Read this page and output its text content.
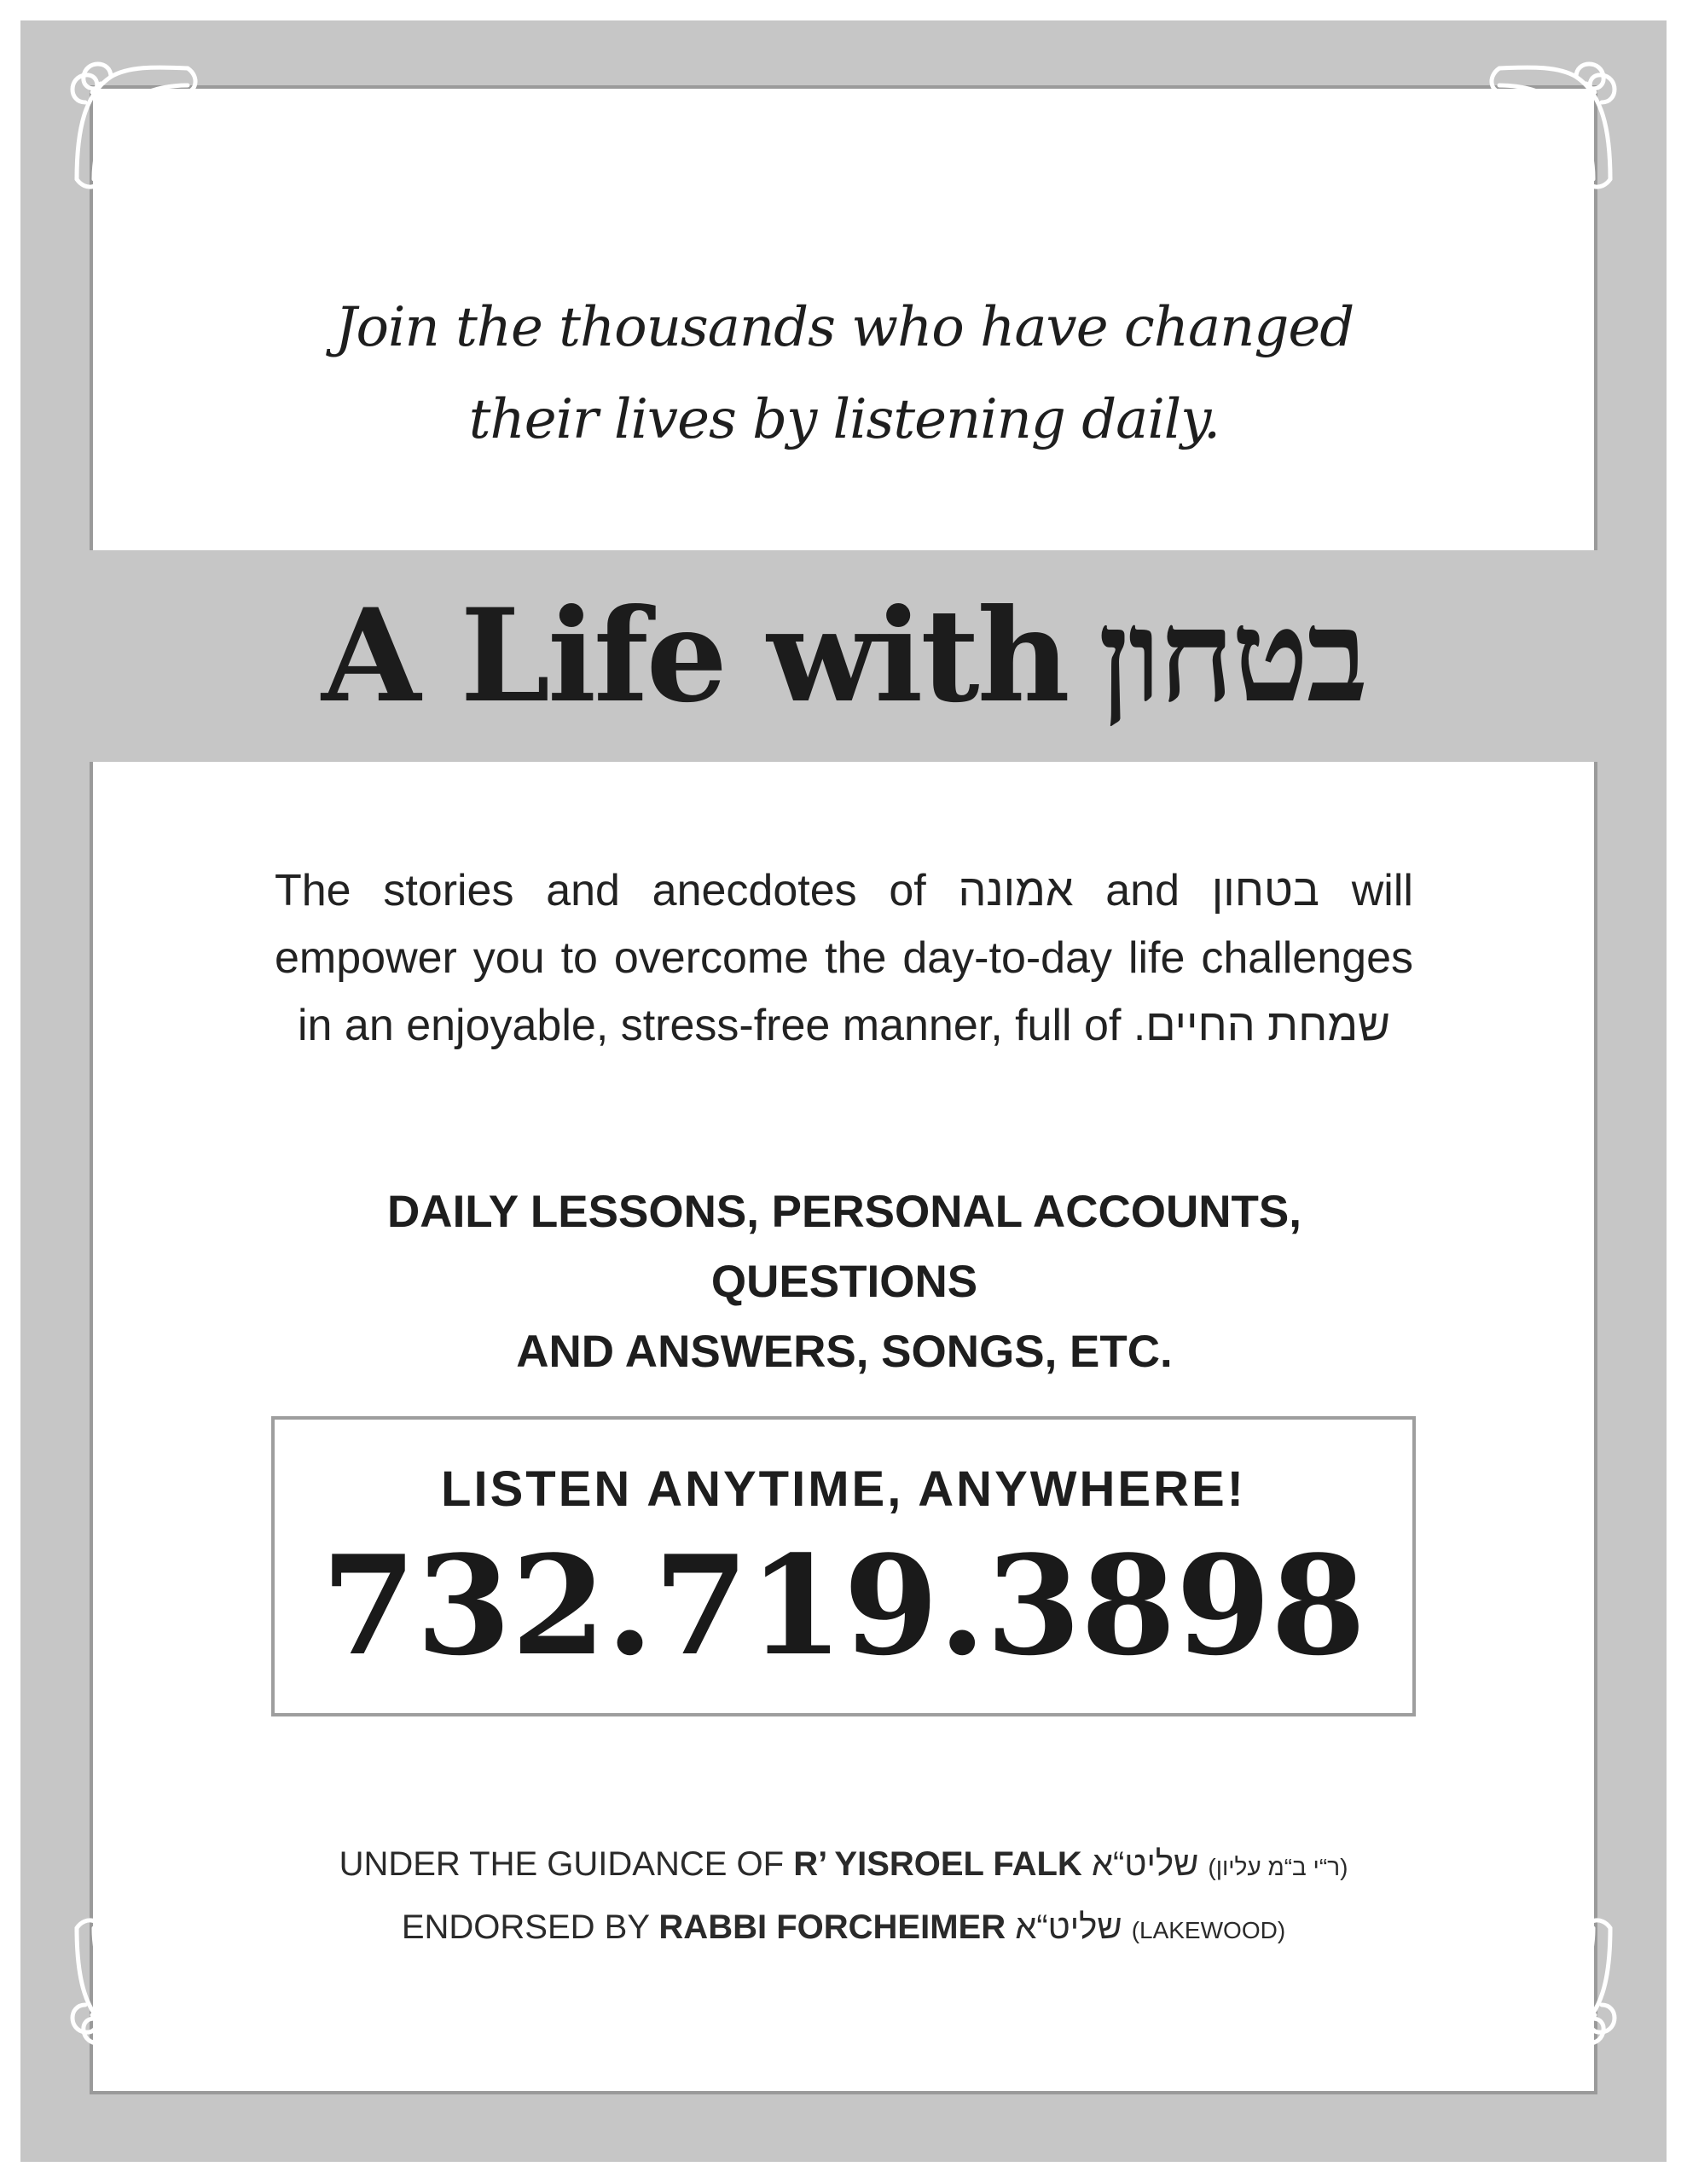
Join the thousands who have changed
their lives by listening daily.
A Life with בטחון
The stories and anecdotes of אמונה and בטחון will empower you to overcome the day-to-day life challenges in an enjoyable, stress-free manner, full of שמחת החיים.
DAILY LESSONS, PERSONAL ACCOUNTS, QUESTIONS
AND ANSWERS, SONGS, ETC.
LISTEN ANYTIME, ANYWHERE!
732.719.3898
UNDER THE GUIDANCE OF R’ YISROEL FALK שליט“א (ר“י ב“מ עליון)
ENDORSED BY RABBI FORCHEIMER שליט“א (LAKEWOOD)
